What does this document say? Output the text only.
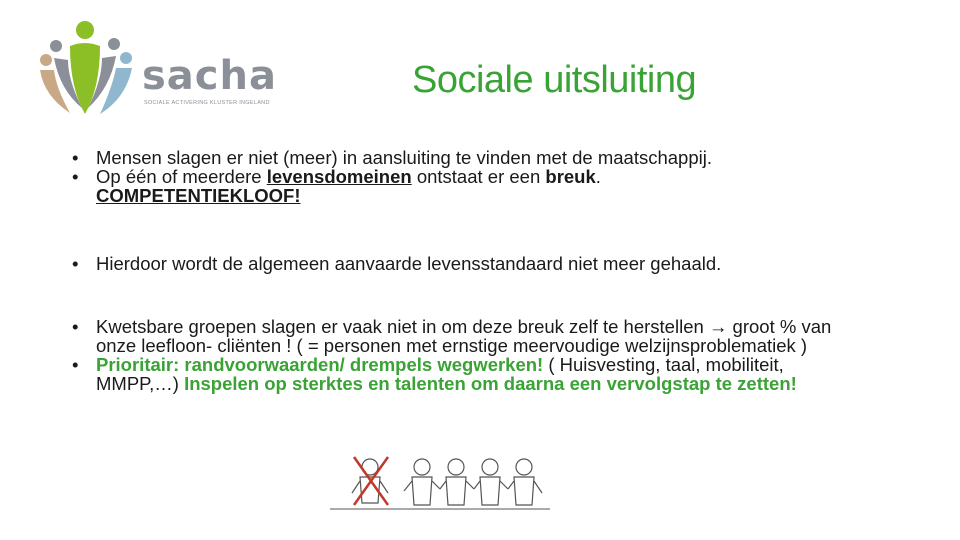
sacha
SOCIALE ACTIVERING KLUSTER INGELAND
Sociale uitsluiting
• Mensen slagen er niet (meer) in aansluiting te vinden met de maatschappij.
• Op één of meerdere levensdomeinen ontstaat er een breuk.
COMPETENTIEKLOOF!
• Hierdoor wordt de algemeen aanvaarde levensstandaard niet meer gehaald.
• Kwetsbare groepen slagen er vaak niet in om deze breuk zelf te herstellen → groot % van onze leefloon- cliënten ! ( = personen met ernstige meervoudige welzijnsproblematiek )
• Prioritair: randvoorwaarden/ drempels wegwerken! ( Huisvesting, taal, mobiliteit, MMPP,…) Inspelen op sterktes en talenten om daarna een vervolgstap te zetten!
